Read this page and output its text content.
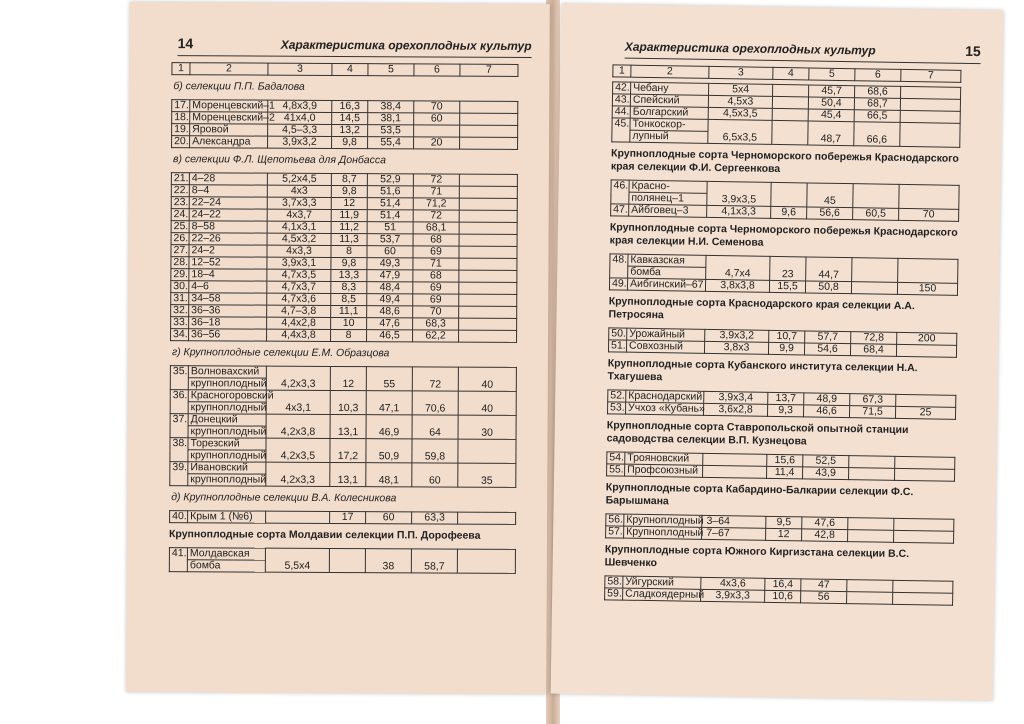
14	Характеристика орехоплодных культур
1	2	3	4	5	6	7
б) селекции П.П. Бадалова
17.	Моренцевский–1	4,8х3,9	16,3	38,4	70	
18.	Моренцевский–2	41х4,0	14,5	38,1	60	
19.	Яровой	4,5–3,3	13,2	53,5		
20.	Александра	3,9х3,2	9,8	55,4	20	
в) селекции Ф.Л. Щепотьева для Донбасса
21.	4–28	5,2х4,5	8,7	52,9	72	
22.	8–4	4х3	9,8	51,6	71	
23.	22–24	3,7х3,3	12	51,4	71,2	
24.	24–22	4х3,7	11,9	51,4	72	
25.	8–58	4,1х3,1	11,2	51	68,1	
26.	22–26	4,5х3,2	11,3	53,7	68	
27.	24–2	4х3,3	8	60	69	
28.	12–52	3,9х3,1	9,8	49,3	71	
29.	18–4	4,7х3,5	13,3	47,9	68	
30.	4–6	4,7х3,7	8,3	48,4	69	
31.	34–58	4,7х3,6	8,5	49,4	69	
32.	36–36	4,7–3,8	11,1	48,6	70	
33.	36–18	4,4х2,8	10	47,6	68,3	
34.	36–56	4,4х3,8	8	46,5	62,2	
г) Крупноплодные селекции Е.М. Образцова
35.	Волновахский	4,2х3,3	12	55	72	40
	крупноплодный					
36.	Красногоровский	4х3,1	10,3	47,1	70,6	40
	крупноплодный					
37.	Донецкий	4,2х3,8	13,1	46,9	64	30
	крупноплодный					
38.	Торезский	4,2х3,5	17,2	50,9	59,8	
	крупноплодный					
39.	Ивановский	4,2х3,3	13,1	48,1	60	35
	крупноплодный					
д) Крупноплодные селекции В.А. Колесникова
40.	Крым 1 (№6)		17	60	63,3	
Крупноплодные сорта Молдавии селекции П.П. Дорофеева
41.	Молдавская	5,5х4		38	58,7	
бомба
Характеристика орехоплодных культур	15
1	2	3	4	5	6	7
42.	Чебану	5х4		45,7	68,6	
43.	Спейский	4,5х3		50,4	68,7	
44.	Болгарский	4,5х3,5		45,4	66,5	
45.	Тонкоскор-	6,5х3,5		48,7	66,6	
	лупный					
Крупноплодные сорта Черноморского побережья Краснодарского края селекции Ф.И. Сергеенкова
46.	Красно-	3,9х3,5		45		
	полянец–1					
47.	Айбговец–3	4,1х3,3	9,6	56,6	60,5	70
Крупноплодные сорта Черноморского побережья Краснодарского края селекции Н.И. Семенова
48.	Кавказская	4,7х4	23	44,7		
	бомба					
49.	Аибгинский–67	3,8х3,8	15,5	50,8		150
Крупноплодные сорта Краснодарского края селекции А.А. Петросяна
50.	Урожайный	3,9х3,2	10,7	57,7	72,8	200
51.	Совхозный	3,8х3	9,9	54,6	68,4	
Крупноплодные сорта Кубанского института селекции Н.А. Тхагушева
52.	Краснодарский	3,9х3,4	13,7	48,9	67,3	
53.	Учхоз «Кубань»	3,6х2,8	9,3	46,6	71,5	25
Крупноплодные сорта Ставропольской опытной станции садоводства селекции В.П. Кузнецова
54.	Трояновский		15,6	52,5		
55.	Профсоюзный		11,4	43,9		
Крупноплодные сорта Кабардино-Балкарии селекции Ф.С. Барышмана
56.	Крупноплодный 3–64		9,5	47,6		
57.	Крупноплодный 7–67		12	42,8		
Крупноплодные сорта Южного Киргизстана селекции В.С. Шевченко
58.	Уйгурский	4х3,6	16,4	47		
59.	Сладкоядерный	3,9х3,3	10,6	56		
